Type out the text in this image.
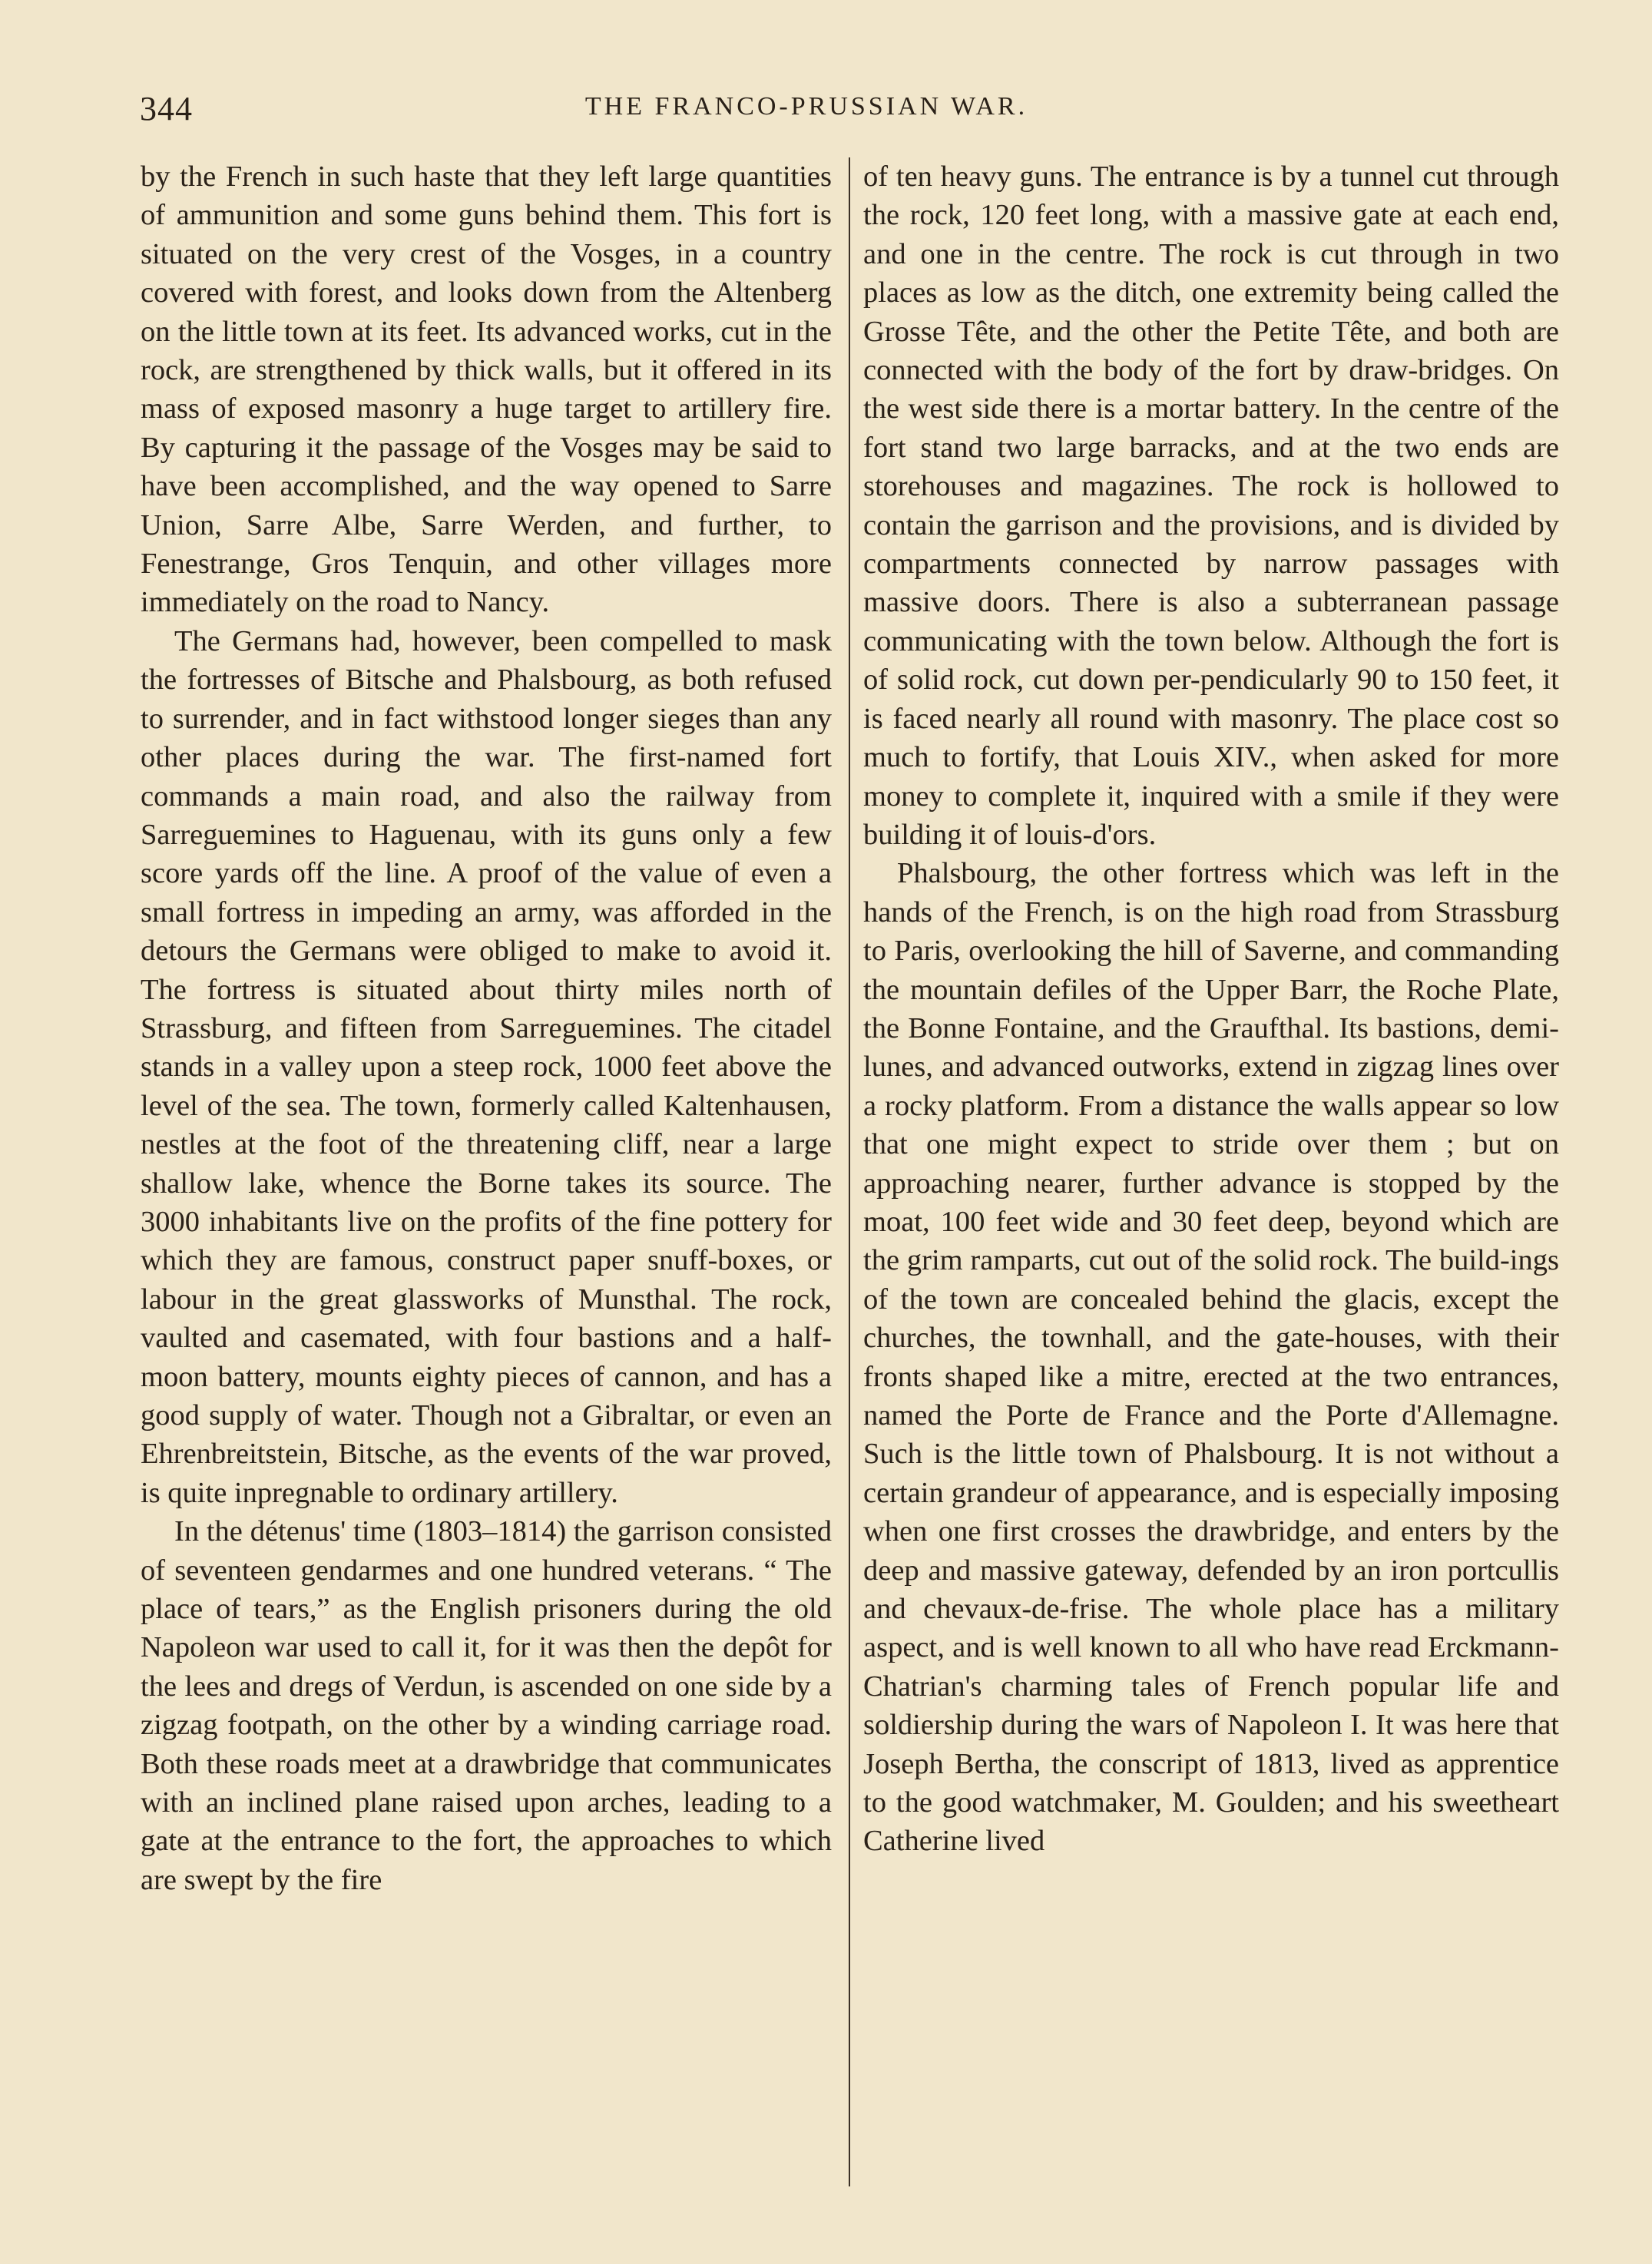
344	THE FRANCO-PRUSSIAN WAR.

by the French in such haste that they left large quantities of ammunition and some guns behind them. This fort is situated on the very crest of the Vosges, in a country covered with forest, and looks down from the Altenberg on the little town at its feet. Its advanced works, cut in the rock, are strengthened by thick walls, but it offered in its mass of exposed masonry a huge target to artillery fire. By capturing it the passage of the Vosges may be said to have been accomplished, and the way opened to Sarre Union, Sarre Albe, Sarre Werden, and further, to Fenestrange, Gros Tenquin, and other villages more immediately on the road to Nancy.

The Germans had, however, been compelled to mask the fortresses of Bitsche and Phalsbourg, as both refused to surrender, and in fact withstood longer sieges than any other places during the war. The first-named fort commands a main road, and also the railway from Sarreguemines to Haguenau, with its guns only a few score yards off the line. A proof of the value of even a small fortress in impeding an army, was afforded in the detours the Germans were obliged to make to avoid it. The fortress is situated about thirty miles north of Strassburg, and fifteen from Sarreguemines. The citadel stands in a valley upon a steep rock, 1000 feet above the level of the sea. The town, formerly called Kaltenhausen, nestles at the foot of the threatening cliff, near a large shallow lake, whence the Borne takes its source. The 3000 inhabitants live on the profits of the fine pottery for which they are famous, construct paper snuff-boxes, or labour in the great glassworks of Munsthal. The rock, vaulted and casemated, with four bastions and a half-moon battery, mounts eighty pieces of cannon, and has a good supply of water. Though not a Gibraltar, or even an Ehrenbreitstein, Bitsche, as the events of the war proved, is quite inpregnable to ordinary artillery.

In the détenus' time (1803–1814) the garrison consisted of seventeen gendarmes and one hundred veterans. “ The place of tears,” as the English prisoners during the old Napoleon war used to call it, for it was then the depôt for the lees and dregs of Verdun, is ascended on one side by a zigzag footpath, on the other by a winding carriage road. Both these roads meet at a drawbridge that communicates with an inclined plane raised upon arches, leading to a gate at the entrance to the fort, the approaches to which are swept by the fire

of ten heavy guns. The entrance is by a tunnel cut through the rock, 120 feet long, with a massive gate at each end, and one in the centre. The rock is cut through in two places as low as the ditch, one extremity being called the Grosse Tête, and the other the Petite Tête, and both are connected with the body of the fort by draw-bridges. On the west side there is a mortar battery. In the centre of the fort stand two large barracks, and at the two ends are storehouses and magazines. The rock is hollowed to contain the garrison and the provisions, and is divided by compartments connected by narrow passages with massive doors. There is also a subterranean passage communicating with the town below. Although the fort is of solid rock, cut down per-pendicularly 90 to 150 feet, it is faced nearly all round with masonry. The place cost so much to fortify, that Louis XIV., when asked for more money to complete it, inquired with a smile if they were building it of louis-d'ors.

Phalsbourg, the other fortress which was left in the hands of the French, is on the high road from Strassburg to Paris, overlooking the hill of Saverne, and commanding the mountain defiles of the Upper Barr, the Roche Plate, the Bonne Fontaine, and the Graufthal. Its bastions, demi-lunes, and advanced outworks, extend in zigzag lines over a rocky platform. From a distance the walls appear so low that one might expect to stride over them ; but on approaching nearer, further advance is stopped by the moat, 100 feet wide and 30 feet deep, beyond which are the grim ramparts, cut out of the solid rock. The build-ings of the town are concealed behind the glacis, except the churches, the townhall, and the gate-houses, with their fronts shaped like a mitre, erected at the two entrances, named the Porte de France and the Porte d'Allemagne. Such is the little town of Phalsbourg. It is not without a certain grandeur of appearance, and is especially imposing when one first crosses the drawbridge, and enters by the deep and massive gateway, defended by an iron portcullis and chevaux-de-frise. The whole place has a military aspect, and is well known to all who have read Erckmann-Chatrian's charming tales of French popular life and soldiership during the wars of Napoleon I. It was here that Joseph Bertha, the conscript of 1813, lived as apprentice to the good watchmaker, M. Goulden; and his sweetheart Catherine lived
